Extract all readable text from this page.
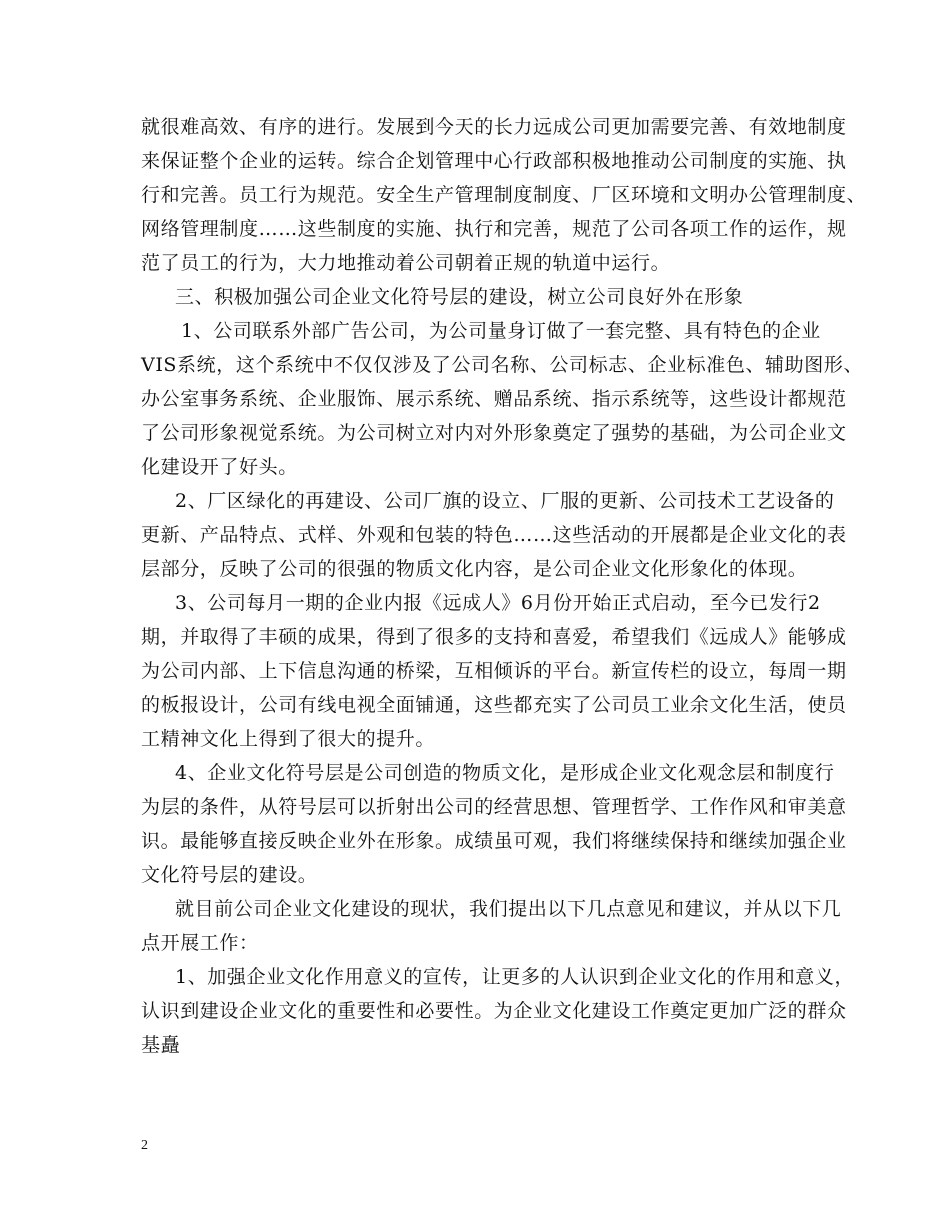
就很难高效、有序的进行。发展到今天的长力远成公司更加需要完善、有效地制度
来保证整个企业的运转。综合企划管理中心行政部积极地推动公司制度的实施、执
行和完善。员工行为规范。安全生产管理制度制度、厂区环境和文明办公管理制度、
网络管理制度……这些制度的实施、执行和完善，规范了公司各项工作的运作，规
范了员工的行为，大力地推动着公司朝着正规的轨道中运行。
三、积极加强公司企业文化符号层的建设，树立公司良好外在形象
1、公司联系外部广告公司，为公司量身订做了一套完整、具有特色的企业
VIS系统，这个系统中不仅仅涉及了公司名称、公司标志、企业标准色、辅助图形、
办公室事务系统、企业服饰、展示系统、赠品系统、指示系统等，这些设计都规范
了公司形象视觉系统。为公司树立对内对外形象奠定了强势的基础，为公司企业文
化建设开了好头。
2、厂区绿化的再建设、公司厂旗的设立、厂服的更新、公司技术工艺设备的
更新、产品特点、式样、外观和包装的特色……这些活动的开展都是企业文化的表
层部分，反映了公司的很强的物质文化内容，是公司企业文化形象化的体现。
3、公司每月一期的企业内报《远成人》6月份开始正式启动，至今已发行2
期，并取得了丰硕的成果，得到了很多的支持和喜爱，希望我们《远成人》能够成
为公司内部、上下信息沟通的桥梁，互相倾诉的平台。新宣传栏的设立，每周一期
的板报设计，公司有线电视全面铺通，这些都充实了公司员工业余文化生活，使员
工精神文化上得到了很大的提升。
4、企业文化符号层是公司创造的物质文化，是形成企业文化观念层和制度行
为层的条件，从符号层可以折射出公司的经营思想、管理哲学、工作作风和审美意
识。最能够直接反映企业外在形象。成绩虽可观，我们将继续保持和继续加强企业
文化符号层的建设。
就目前公司企业文化建设的现状，我们提出以下几点意见和建议，并从以下几
点开展工作：
1、加强企业文化作用意义的宣传，让更多的人认识到企业文化的作用和意义，
认识到建设企业文化的重要性和必要性。为企业文化建设工作奠定更加广泛的群众
基矗
2
